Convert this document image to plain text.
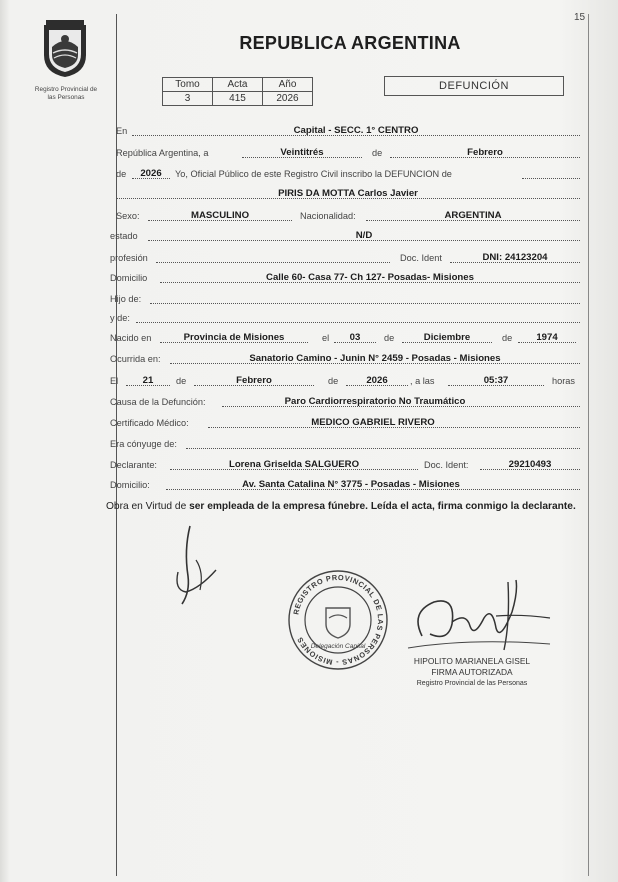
15
Registro Provincial de
las Personas
REPUBLICA ARGENTINA
Tomo	Acta	Año
3	415	2026
DEFUNCIÓN
En	Capital - SECC. 1° CENTRO
República Argentina, a	Veintitrés	de	Febrero
de	2026	Yo, Oficial Público de este Registro Civil inscribo la DEFUNCION de
PIRIS DA MOTTA Carlos Javier
Sexo:	MASCULINO	Nacionalidad:	ARGENTINA
estado	N/D
profesión	Doc. Ident	DNI: 24123204
Domicilio	Calle 60- Casa 77- Ch 127- Posadas- Misiones
Hijo de:
y de:
Nacido en	Provincia de Misiones	el	03	de	Diciembre	de	1974
Ocurrida en:	Sanatorio Camino - Junin N° 2459 - Posadas - Misiones
El	21	de	Febrero	de	2026	, a las	05:37	horas
Causa de la Defunción:	Paro Cardiorrespiratorio No Traumático
Certificado Médico:	MEDICO GABRIEL RIVERO
Era cónyuge de:
Declarante:	Lorena Griselda SALGUERO	Doc. Ident:	29210493
Domicilio:	Av. Santa Catalina N° 3775 - Posadas - Misiones
Obra en Virtud de ser empleada de la empresa fúnebre. Leída el acta, firma conmigo la declarante.
REGISTRO PROVINCIAL DE LAS PERSONAS - MISIONES
Delegación Capital
HIPOLITO MARIANELA GISEL
FIRMA AUTORIZADA
Registro Provincial de las Personas
